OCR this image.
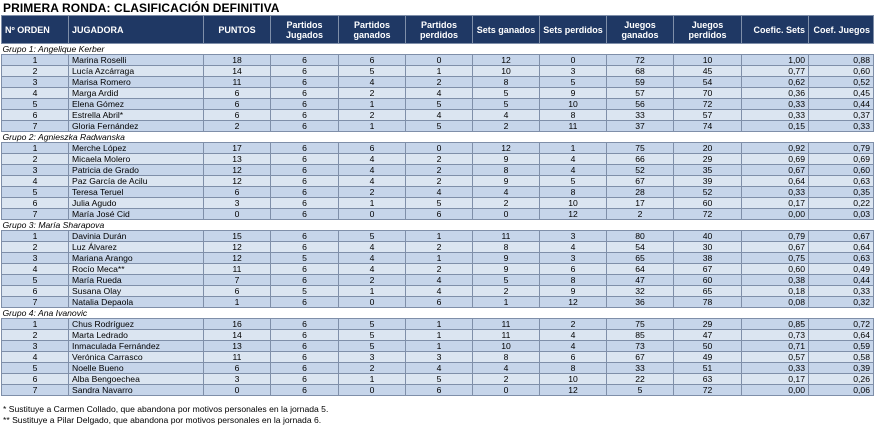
PRIMERA RONDA: CLASIFICACIÓN DEFINITIVA
Nº ORDEN	JUGADORA	PUNTOS	Partidos Jugados	Partidos ganados	Partidos perdidos	Sets ganados	Sets perdidos	Juegos ganados	Juegos perdidos	Coefic. Sets	Coef. Juegos
Grupo 1: Angelique Kerber											
1	Marina Roselli	18	6	6	0	12	0	72	10	1,00	0,88
2	Lucía Azcárraga	14	6	5	1	10	3	68	45	0,77	0,60
3	Marisa Romero	11	6	4	2	8	5	59	54	0,62	0,52
4	Marga Ardid	6	6	2	4	5	9	57	70	0,36	0,45
5	Elena Gómez	6	6	1	5	5	10	56	72	0,33	0,44
6	Estrella Abril*	6	6	2	4	4	8	33	57	0,33	0,37
7	Gloria Fernández	2	6	1	5	2	11	37	74	0,15	0,33
Grupo 2: Agnieszka Radwanska											
1	Merche López	17	6	6	0	12	1	75	20	0,92	0,79
2	Micaela Molero	13	6	4	2	9	4	66	29	0,69	0,69
3	Patricia de Grado	12	6	4	2	8	4	52	35	0,67	0,60
4	Paz García de Acilu	12	6	4	2	9	5	67	39	0,64	0,63
5	Teresa Teruel	6	6	2	4	4	8	28	52	0,33	0,35
6	Julia Agudo	3	6	1	5	2	10	17	60	0,17	0,22
7	María José Cid	0	6	0	6	0	12	2	72	0,00	0,03
Grupo 3: María Sharapova											
1	Davinia Durán	15	6	5	1	11	3	80	40	0,79	0,67
2	Luz Álvarez	12	6	4	2	8	4	54	30	0,67	0,64
3	Mariana Arango	12	5	4	1	9	3	65	38	0,75	0,63
4	Rocío Meca**	11	6	4	2	9	6	64	67	0,60	0,49
5	María Rueda	7	6	2	4	5	8	47	60	0,38	0,44
6	Susana Olay	6	5	1	4	2	9	32	65	0,18	0,33
7	Natalia Depaola	1	6	0	6	1	12	36	78	0,08	0,32
Grupo 4: Ana Ivanovic											
1	Chus Rodríguez	16	6	5	1	11	2	75	29	0,85	0,72
2	Marta Ledrado	14	6	5	1	11	4	85	47	0,73	0,64
3	Inmaculada Fernández	13	6	5	1	10	4	73	50	0,71	0,59
4	Verónica Carrasco	11	6	3	3	8	6	67	49	0,57	0,58
5	Noelle Bueno	6	6	2	4	4	8	33	51	0,33	0,39
6	Alba Bengoechea	3	6	1	5	2	10	22	63	0,17	0,26
7	Sandra Navarro	0	6	0	6	0	12	5	72	0,00	0,06
* Sustituye a Carmen Collado, que abandona por motivos personales en la jornada 5.
** Sustituye a Pilar Delgado, que abandona por motivos personales en la jornada 6.
